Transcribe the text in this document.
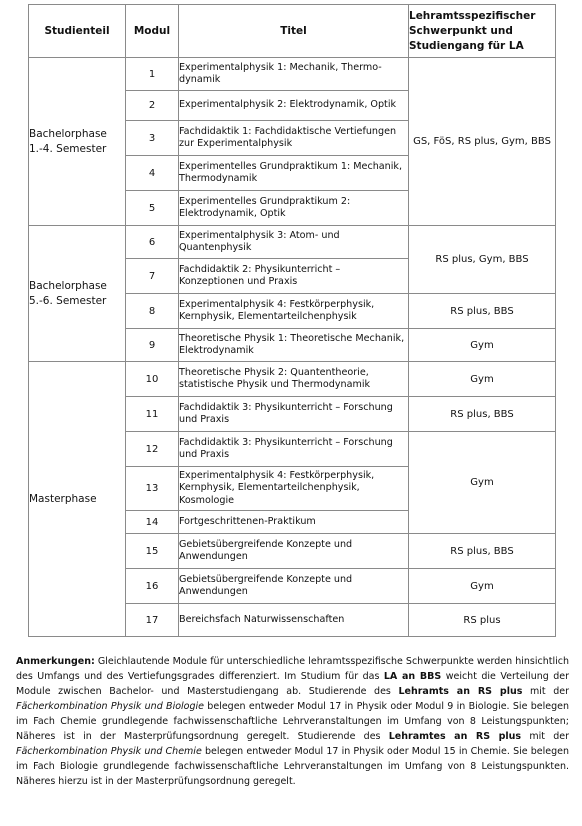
Studienteil	Modul	Titel	Lehramtsspezifischer Schwerpunkt und Studiengang für LA
Bachelorphase 1.-4. Semester	1	Experimentalphysik 1: Mechanik, Thermo-dynamik	GS, FöS, RS plus, Gym, BBS
	2	Experimentalphysik 2: Elektrodynamik, Optik	
	3	Fachdidaktik 1: Fachdidaktische Vertiefungen zur Experimentalphysik	
	4	Experimentelles Grundpraktikum 1: Mechanik, Thermodynamik	
	5	Experimentelles Grundpraktikum 2: Elektrodynamik, Optik	
Bachelorphase 5.-6. Semester	6	Experimentalphysik 3: Atom- und Quantenphysik	RS plus, Gym, BBS
	7	Fachdidaktik 2: Physikunterricht – Konzeptionen und Praxis	
	8	Experimentalphysik 4: Festkörperphysik, Kernphysik, Elementarteilchenphysik	RS plus, BBS
	9	Theoretische Physik 1: Theoretische Mechanik, Elektrodynamik	Gym
Masterphase	10	Theoretische Physik 2: Quantentheorie, statistische Physik und Thermodynamik	Gym
	11	Fachdidaktik 3: Physikunterricht – Forschung und Praxis	RS plus, BBS
	12	Fachdidaktik 3: Physikunterricht – Forschung und Praxis	Gym
	13	Experimentalphysik 4: Festkörperphysik, Kernphysik, Elementarteilchenphysik, Kosmologie	
	14	Fortgeschrittenen-Praktikum	
	15	Gebietsübergreifende Konzepte und Anwendungen	RS plus, BBS
	16	Gebietsübergreifende Konzepte und Anwendungen	Gym
	17	Bereichsfach Naturwissenschaften	RS plus
Anmerkungen: Gleichlautende Module für unterschiedliche lehramtsspezifische Schwerpunkte werden hinsichtlich des Umfangs und des Vertiefungsgrades differenziert. Im Studium für das LA an BBS weicht die Verteilung der Module zwischen Bachelor- und Masterstudiengang ab. Studierende des Lehramts an RS plus mit der Fächerkombination Physik und Biologie belegen entweder Modul 17 in Physik oder Modul 9 in Biologie. Sie belegen im Fach Chemie grundlegende fachwissenschaftliche Lehrveranstaltungen im Umfang von 8 Leistungspunkten; Näheres ist in der Masterprüfungsordnung geregelt. Studierende des Lehramtes an RS plus mit der Fächerkombination Physik und Chemie belegen entweder Modul 17 in Physik oder Modul 15 in Chemie. Sie belegen im Fach Biologie grundlegende fachwissenschaftliche Lehrveranstaltungen im Umfang von 8 Leistungspunkten. Näheres hierzu ist in der Masterprüfungsordnung geregelt.
